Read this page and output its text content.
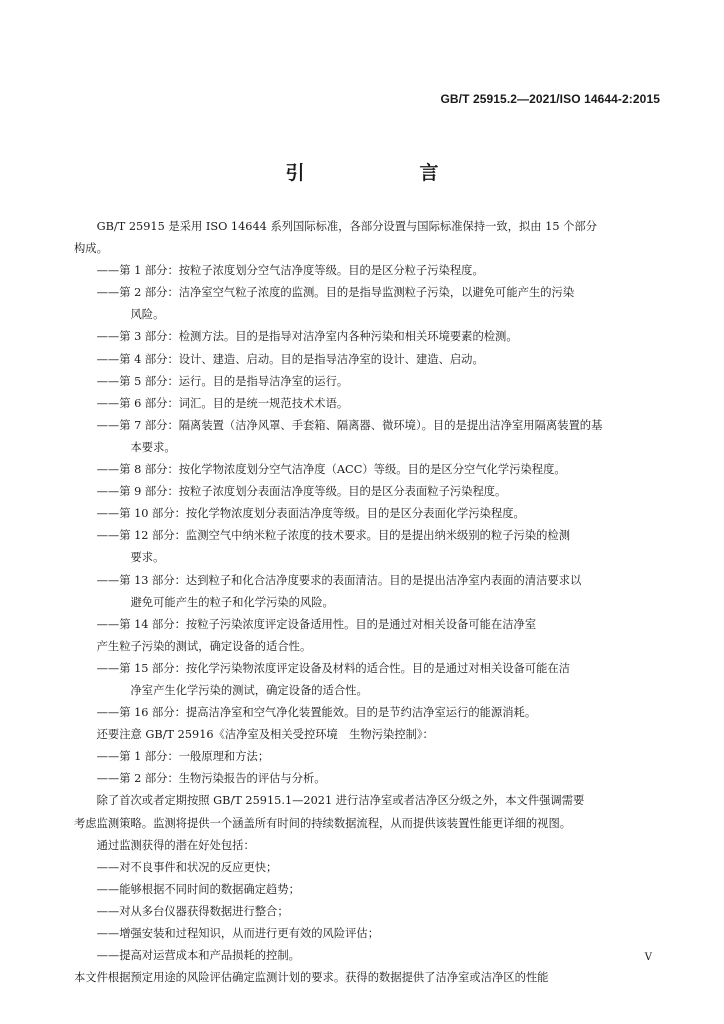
GB/T 25915.2—2021/ISO 14644-2:2015
引　言

GB/T 25915 是采用 ISO 14644 系列国际标准，各部分设置与国际标准保持一致，拟由 15 个部分

构成。

——第 1 部分：按粒子浓度划分空气洁净度等级。目的是区分粒子污染程度。

——第 2 部分：洁净室空气粒子浓度的监测。目的是指导监测粒子污染，以避免可能产生的污染

风险。

——第 3 部分：检测方法。目的是指导对洁净室内各种污染和相关环境要素的检测。

——第 4 部分：设计、建造、启动。目的是指导洁净室的设计、建造、启动。

——第 5 部分：运行。目的是指导洁净室的运行。

——第 6 部分：词汇。目的是统一规范技术术语。

——第 7 部分：隔离装置（洁净风罩、手套箱、隔离器、微环境）。目的是提出洁净室用隔离装置的基

本要求。

——第 8 部分：按化学物浓度划分空气洁净度（ACC）等级。目的是区分空气化学污染程度。

——第 9 部分：按粒子浓度划分表面洁净度等级。目的是区分表面粒子污染程度。

——第 10 部分：按化学物浓度划分表面洁净度等级。目的是区分表面化学污染程度。

——第 12 部分：监测空气中纳米粒子浓度的技术要求。目的是提出纳米级别的粒子污染的检测

要求。

——第 13 部分：达到粒子和化合洁净度要求的表面清洁。目的是提出洁净室内表面的清洁要求以

避免可能产生的粒子和化学污染的风险。

——第 14 部分：按粒子污染浓度评定设备适用性。目的是通过对相关设备可能在洁净室

产生粒子污染的测试，确定设备的适合性。

——第 15 部分：按化学污染物浓度评定设备及材料的适合性。目的是通过对相关设备可能在洁

净室产生化学污染的测试，确定设备的适合性。

——第 16 部分：提高洁净室和空气净化装置能效。目的是节约洁净室运行的能源消耗。

还要注意 GB/T 25916《洁净室及相关受控环境　生物污染控制》：

——第 1 部分：一般原理和方法；

——第 2 部分：生物污染报告的评估与分析。

除了首次或者定期按照 GB/T 25915.1—2021 进行洁净室或者洁净区分级之外，本文件强调需要

考虑监测策略。监测将提供一个涵盖所有时间的持续数据流程，从而提供该装置性能更详细的视图。

通过监测获得的潜在好处包括：

——对不良事件和状况的反应更快；

——能够根据不同时间的数据确定趋势；

——对从多台仪器获得数据进行整合；

——增强安装和过程知识，从而进行更有效的风险评估；

——提高对运营成本和产品损耗的控制。

本文件根据预定用途的风险评估确定监测计划的要求。获得的数据提供了洁净室或洁净区的性能

V
